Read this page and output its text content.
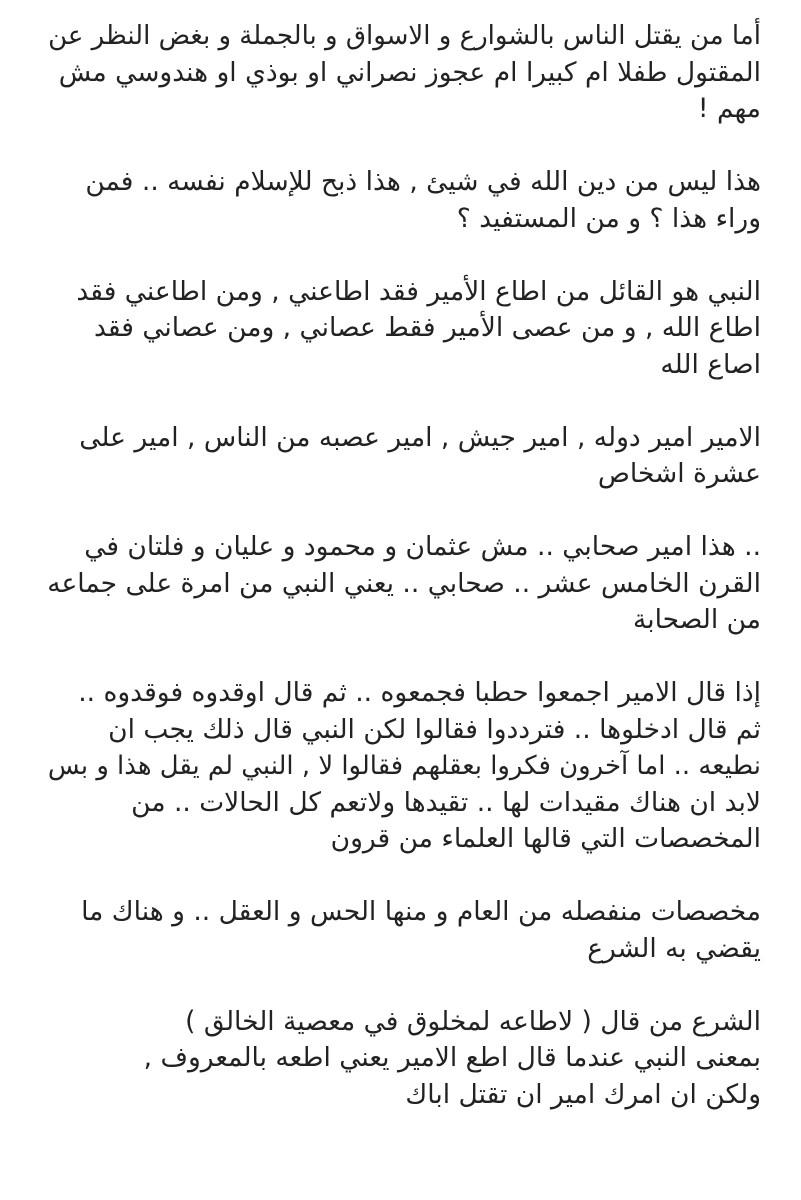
أما من يقتل الناس بالشوارع و الاسواق و بالجملة و بغض النظر عن
المقتول طفلا ام كبيرا ام عجوز نصراني او بوذي او هندوسي مش
مهم !
هذا ليس من دين الله في شيئ , هذا ذبح للإسلام نفسه .. فمن
وراء هذا ؟ و من المستفيد ؟
النبي هو القائل من اطاع الأمير فقد اطاعني , ومن اطاعني فقد
اطاع الله , و من عصى الأمير فقط عصاني , ومن عصاني فقد
اصاع الله
الامير امير دوله , امير جيش , امير عصبه من الناس , امير على
عشرة اشخاص
.. هذا امير صحابي .. مش عثمان و محمود و عليان و فلتان في
القرن الخامس عشر .. صحابي .. يعني النبي من امرة على جماعه
من الصحابة
إذا قال الامير اجمعوا حطبا فجمعوه .. ثم قال اوقدوه فوقدوه ..
ثم قال ادخلوها .. فترددوا فقالوا لكن النبي قال ذلك يجب ان
نطيعه .. اما آخرون فكروا بعقلهم فقالوا لا , النبي لم يقل هذا و بس
لابد ان هناك مقيدات لها .. تقيدها ولاتعم كل الحالات .. من
المخصصات التي قالها العلماء من قرون
مخصصات منفصله من العام و منها الحس و العقل .. و هناك ما
يقضي به الشرع
الشرع من قال ( لاطاعه لمخلوق في معصية الخالق )
بمعنى النبي عندما قال اطع الامير يعني اطعه بالمعروف ,
ولكن ان امرك امير ان تقتل اباك
